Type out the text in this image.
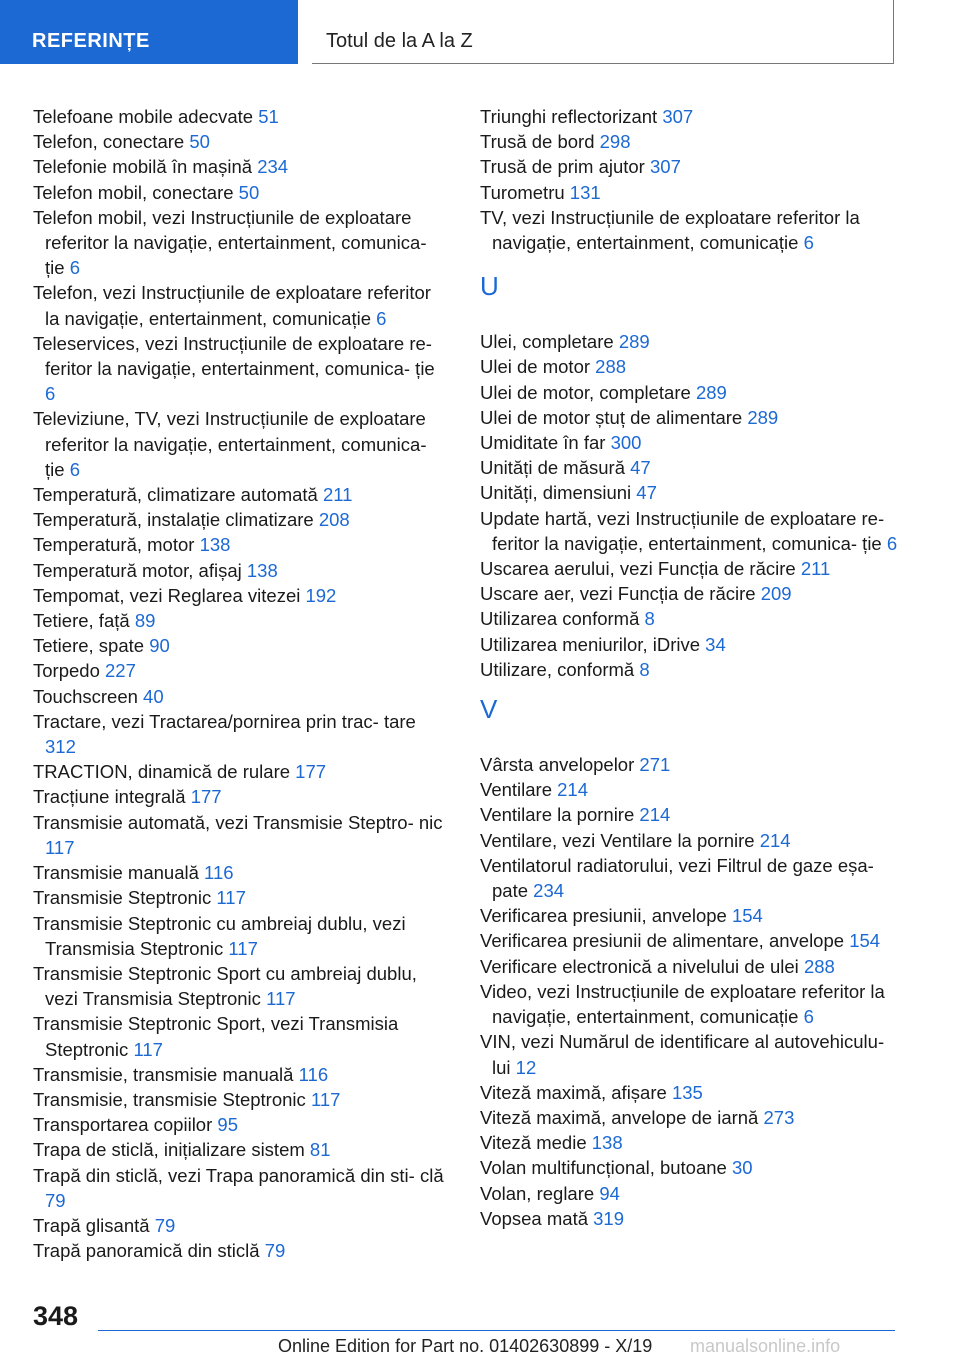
REFERINȚE	Totul de la A la Z
Telefoane mobile adecvate 51
Telefon, conectare 50
Telefonie mobilă în mașină 234
Telefon mobil, conectare 50
Telefon mobil, vezi Instrucțiunile de exploatare referitor la navigație, entertainment, comunica‐ ție 6
Telefon, vezi Instrucțiunile de exploatare referitor la navigație, entertainment, comunicație 6
Teleservices, vezi Instrucțiunile de exploatare re‐ feritor la navigație, entertainment, comunica‐ ție 6
Televiziune, TV, vezi Instrucțiunile de exploatare referitor la navigație, entertainment, comunica‐ ție 6
Temperatură, climatizare automată 211
Temperatură, instalație climatizare 208
Temperatură, motor 138
Temperatură motor, afișaj 138
Tempomat, vezi Reglarea vitezei 192
Tetiere, față 89
Tetiere, spate 90
Torpedo 227
Touchscreen 40
Tractare, vezi Tractarea/pornirea prin trac‐ tare 312
TRACTION, dinamică de rulare 177
Tracțiune integrală 177
Transmisie automată, vezi Transmisie Steptro‐ nic 117
Transmisie manuală 116
Transmisie Steptronic 117
Transmisie Steptronic cu ambreiaj dublu, vezi Transmisia Steptronic 117
Transmisie Steptronic Sport cu ambreiaj dublu, vezi Transmisia Steptronic 117
Transmisie Steptronic Sport, vezi Transmisia Steptronic 117
Transmisie, transmisie manuală 116
Transmisie, transmisie Steptronic 117
Transportarea copiilor 95
Trapa de sticlă, inițializare sistem 81
Trapă din sticlă, vezi Trapa panoramică din sti‐ clă 79
Trapă glisantă 79
Trapă panoramică din sticlă 79
Triunghi reflectorizant 307
Trusă de bord 298
Trusă de prim ajutor 307
Turometru 131
TV, vezi Instrucțiunile de exploatare referitor la navigație, entertainment, comunicație 6
U
Ulei, completare 289
Ulei de motor 288
Ulei de motor, completare 289
Ulei de motor ștuț de alimentare 289
Umiditate în far 300
Unități de măsură 47
Unități, dimensiuni 47
Update hartă, vezi Instrucțiunile de exploatare re‐ feritor la navigație, entertainment, comunica‐ ție 6
Uscarea aerului, vezi Funcția de răcire 211
Uscare aer, vezi Funcția de răcire 209
Utilizarea conformă 8
Utilizarea meniurilor, iDrive 34
Utilizare, conformă 8
V
Vârsta anvelopelor 271
Ventilare 214
Ventilare la pornire 214
Ventilare, vezi Ventilare la pornire 214
Ventilatorul radiatorului, vezi Filtrul de gaze eșa‐ pate 234
Verificarea presiunii, anvelope 154
Verificarea presiunii de alimentare, anvelope 154
Verificare electronică a nivelului de ulei 288
Video, vezi Instrucțiunile de exploatare referitor la navigație, entertainment, comunicație 6
VIN, vezi Numărul de identificare al autovehiculu‐ lui 12
Viteză maximă, afișare 135
Viteză maximă, anvelope de iarnă 273
Viteză medie 138
Volan multifuncțional, butoane 30
Volan, reglare 94
Vopsea mată 319
348
Online Edition for Part no. 01402630899 - X/19 manualsonline.info
